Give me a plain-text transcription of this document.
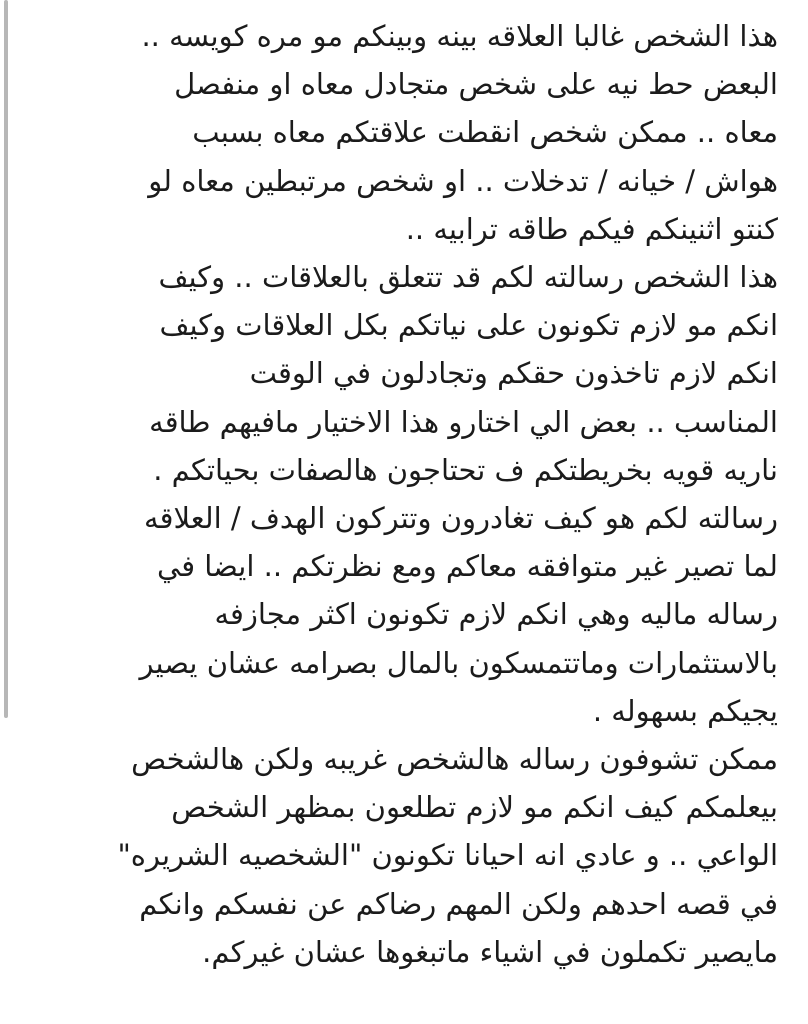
هذا الشخص غالبا العلاقه بينه وبينكم مو مره كويسه ..
البعض حط نيه على شخص متجادل معاه او منفصل
معاه .. ممكن شخص انقطت علاقتكم معاه بسبب
هواش / خيانه / تدخلات .. او شخص مرتبطين معاه لو
كنتو اثنينكم فيكم طاقه ترابيه ..
هذا الشخص رسالته لكم قد تتعلق بالعلاقات .. وكيف
انكم مو لازم تكونون على نياتكم بكل العلاقات وكيف
انكم لازم تاخذون حقكم وتجادلون في الوقت
المناسب .. بعض الي اختارو هذا الاختيار مافيهم طاقه
ناريه قويه بخريطتكم ف تحتاجون هالصفات بحياتكم .
رسالته لكم هو كيف تغادرون وتتركون الهدف / العلاقه
لما تصير غير متوافقه معاكم ومع نظرتكم .. ايضا في
رساله ماليه وهي انكم لازم تكونون اكثر مجازفه
بالاستثمارات وماتتمسكون بالمال بصرامه عشان يصير
يجيكم بسهوله .
ممكن تشوفون رساله هالشخص غريبه ولكن هالشخص
بيعلمكم كيف انكم مو لازم تطلعون بمظهر الشخص
الواعي .. و عادي انه احيانا تكونون "الشخصيه الشريره"
في قصه احدهم ولكن المهم رضاكم عن نفسكم وانكم
مايصير تكملون في اشياء ماتبغوها عشان غيركم.
